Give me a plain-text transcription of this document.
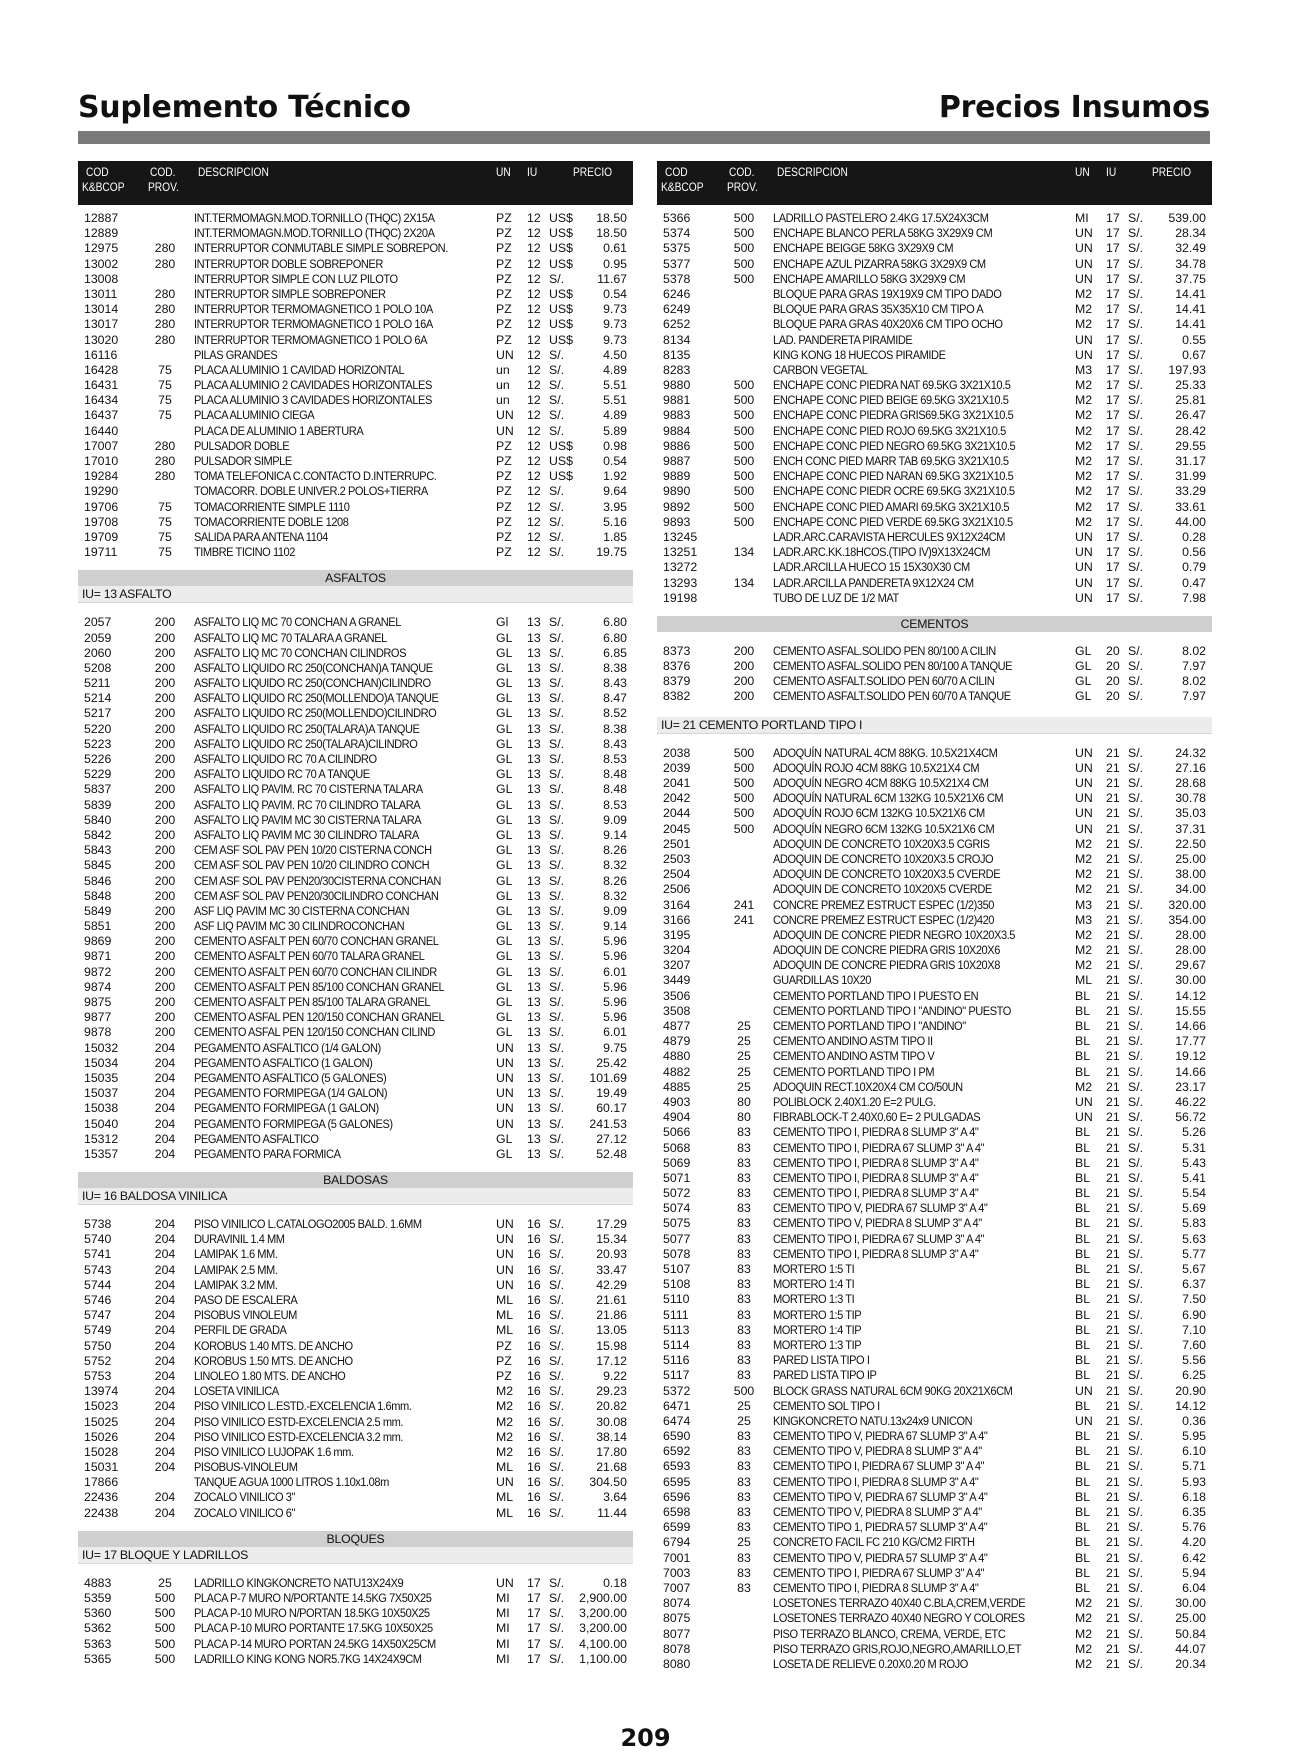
Suplemento Técnico	Precios Insumos
COD
K&BCOP
COD.
PROV.
DESCRIPCION	UN IU	PRECIO
12887	INT.TERMOMAGN.MOD.TORNILLO (THQC) 2X15A	PZ 12 US$ 18.50
12889	INT.TERMOMAGN.MOD.TORNILLO (THQC) 2X20A	PZ 12 US$ 18.50
12975	280	INTERRUPTOR CONMUTABLE SIMPLE SOBREPON.	PZ 12 US$ 0.61
13002	280	INTERRUPTOR DOBLE SOBREPONER	PZ 12 US$ 0.95
13008	INTERRUPTOR SIMPLE CON LUZ PILOTO	PZ 12 S/.	11.67
13011	280	INTERRUPTOR SIMPLE SOBREPONER	PZ 12 US$ 0.54
13014	280	INTERRUPTOR TERMOMAGNETICO 1 POLO 10A	PZ 12 US$ 9.73
13017	280	INTERRUPTOR TERMOMAGNETICO 1 POLO 16A	PZ 12 US$ 9.73
13020	280	INTERRUPTOR TERMOMAGNETICO 1 POLO 6A	PZ 12 US$ 9.73
16116	PILAS GRANDES	UN 12 S/.	4.50
16428	75	PLACA ALUMINIO 1 CAVIDAD HORIZONTAL	un 12 S/.	4.89
16431	75	PLACA ALUMINIO 2 CAVIDADES HORIZONTALES	un 12 S/.	5.51
16434	75	PLACA ALUMINIO 3 CAVIDADES HORIZONTALES	un 12 S/.	5.51
16437	75	PLACA ALUMINIO CIEGA	UN 12 S/.	4.89
16440	PLACA DE ALUMINIO 1 ABERTURA	UN 12 S/.	5.89
17007	280	PULSADOR DOBLE	PZ 12 US$ 0.98
17010	280	PULSADOR SIMPLE	PZ 12 US$ 0.54
19284	280	TOMA TELEFONICA C.CONTACTO D.INTERRUPC.	PZ 12 US$ 1.92
19290	TOMACORR. DOBLE UNIVER.2 POLOS+TIERRA	PZ 12 S/.	9.64
19706	75	TOMACORRIENTE SIMPLE 1110	PZ 12 S/.	3.95
19708	75	TOMACORRIENTE DOBLE 1208	PZ 12 S/.	5.16
19709	75	SALIDA PARA ANTENA 1104	PZ 12 S/.	1.85
19711	75	TIMBRE TICINO 1102	PZ 12 S/.	19.75
ASFALTOS
IU= 13 ASFALTO
2057	200	ASFALTO LIQ MC 70 CONCHAN A GRANEL	Gl 13 S/.	6.80
2059	200	ASFALTO LIQ MC 70 TALARA A GRANEL	GL 13 S/.	6.80
2060	200	ASFALTO LIQ MC 70 CONCHAN CILINDROS	GL 13 S/.	6.85
5208	200	ASFALTO LIQUIDO RC 250(CONCHAN)A TANQUE	GL 13 S/.	8.38
5211	200	ASFALTO LIQUIDO RC 250(CONCHAN)CILINDRO	GL 13 S/.	8.43
5214	200	ASFALTO LIQUIDO RC 250(MOLLENDO)A TANQUE	GL 13 S/.	8.47
5217	200	ASFALTO LIQUIDO RC 250(MOLLENDO)CILINDRO	GL 13 S/.	8.52
5220	200	ASFALTO LIQUIDO RC 250(TALARA)A TANQUE	GL 13 S/.	8.38
5223	200	ASFALTO LIQUIDO RC 250(TALARA)CILINDRO	GL 13 S/.	8.43
5226	200	ASFALTO LIQUIDO RC 70 A CILINDRO	GL 13 S/.	8.53
5229	200	ASFALTO LIQUIDO RC 70 A TANQUE	GL 13 S/.	8.48
5837	200	ASFALTO LIQ PAVIM. RC 70 CISTERNA TALARA	GL 13 S/.	8.48
5839	200	ASFALTO LIQ PAVIM. RC 70 CILINDRO TALARA	GL 13 S/.	8.53
5840	200	ASFALTO LIQ PAVIM MC 30 CISTERNA TALARA	GL 13 S/.	9.09
5842	200	ASFALTO LIQ PAVIM MC 30 CILINDRO TALARA	GL 13 S/.	9.14
5843	200	CEM ASF SOL PAV PEN 10/20 CISTERNA CONCH	GL 13 S/.	8.26
5845	200	CEM ASF SOL PAV PEN 10/20 CILINDRO CONCH	GL 13 S/.	8.32
5846	200	CEM ASF SOL PAV PEN20/30CISTERNA CONCHAN	GL 13 S/.	8.26
5848	200	CEM ASF SOL PAV PEN20/30CILINDRO CONCHAN	GL 13 S/.	8.32
5849	200	ASF LIQ PAVIM MC 30 CISTERNA CONCHAN	GL 13 S/.	9.09
5851	200	ASF LIQ PAVIM MC 30 CILINDROCONCHAN	GL 13 S/.	9.14
9869	200	CEMENTO ASFALT PEN 60/70 CONCHAN GRANEL	GL 13 S/.	5.96
9871	200	CEMENTO ASFALT PEN 60/70 TALARA GRANEL	GL 13 S/.	5.96
9872	200	CEMENTO ASFALT PEN 60/70 CONCHAN CILINDR	GL 13 S/.	6.01
9874	200	CEMENTO ASFALT PEN 85/100 CONCHAN GRANEL	GL 13 S/.	5.96
9875	200	CEMENTO ASFALT PEN 85/100 TALARA GRANEL	GL 13 S/.	5.96
9877	200	CEMENTO ASFAL PEN 120/150 CONCHAN GRANEL	GL 13 S/.	5.96
9878	200	CEMENTO ASFAL PEN 120/150 CONCHAN CILIND	GL 13 S/.	6.01
15032	204	PEGAMENTO ASFALTICO (1/4 GALON)	UN 13 S/.	9.75
15034	204	PEGAMENTO ASFALTICO (1 GALON)	UN 13 S/.	25.42
15035	204	PEGAMENTO ASFALTICO (5 GALONES)	UN 13 S/. 101.69
15037	204	PEGAMENTO FORMIPEGA (1/4 GALON)	UN 13 S/.	19.49
15038	204	PEGAMENTO FORMIPEGA (1 GALON)	UN 13 S/.	60.17
15040	204	PEGAMENTO FORMIPEGA (5 GALONES)	UN 13 S/. 241.53
15312	204	PEGAMENTO ASFALTICO	GL 13 S/.	27.12
15357	204	PEGAMENTO PARA FORMICA	GL 13 S/.	52.48
BALDOSAS
IU= 16 BALDOSA VINILICA
5738	204	PISO VINILICO L.CATALOGO2005 BALD. 1.6MM	UN 16 S/.	17.29
5740	204	DURAVINIL 1.4 MM	UN 16 S/.	15.34
5741	204	LAMIPAK 1.6 MM.	UN 16 S/.	20.93
5743	204	LAMIPAK 2.5 MM.	UN 16 S/.	33.47
5744	204	LAMIPAK 3.2 MM.	UN 16 S/.	42.29
5746	204	PASO DE ESCALERA	ML 16 S/.	21.61
5747	204	PISOBUS VINOLEUM	ML 16 S/.	21.86
5749	204	PERFIL DE GRADA	ML 16 S/.	13.05
5750	204	KOROBUS 1.40 MTS. DE ANCHO	PZ 16 S/.	15.98
5752	204	KOROBUS 1.50 MTS. DE ANCHO	PZ 16 S/.	17.12
5753	204	LINOLEO 1.80 MTS. DE ANCHO	PZ 16 S/.	9.22
13974	204	LOSETA VINILICA	M2 16 S/.	29.23
15023	204	PISO VINILICO L.ESTD.-EXCELENCIA 1.6mm.	M2 16 S/.	20.82
15025	204	PISO VINILICO ESTD-EXCELENCIA 2.5 mm.	M2 16 S/.	30.08
15026	204	PISO VINILICO ESTD-EXCELENCIA 3.2 mm.	M2 16 S/.	38.14
15028	204	PISO VINILICO LUJOPAK 1.6 mm.	M2 16 S/.	17.80
15031	204	PISOBUS-VINOLEUM	ML 16 S/.	21.68
17866	TANQUE AGUA 1000 LITROS 1.10x1.08m	UN 16 S/. 304.50
22436	204	ZOCALO VINILICO 3"	ML 16 S/.	3.64
22438	204	ZOCALO VINILICO 6"	ML 16 S/.	11.44
BLOQUES
IU= 17 BLOQUE Y LADRILLOS
4883	25	LADRILLO KINGKONCRETO NATU13X24X9	UN 17 S/.	0.18
5359	500	PLACA P-7 MURO N/PORTANTE 14.5KG 7X50X25	MI 17 S/. 2,900.00
5360	500	PLACA P-10 MURO N/PORTAN 18.5KG 10X50X25	MI 17 S/. 3,200.00
5362	500	PLACA P-10 MURO PORTANTE 17.5KG 10X50X25	MI 17 S/. 3,200.00
5363	500	PLACA P-14 MURO PORTAN 24.5KG 14X50X25CM	MI 17 S/. 4,100.00
5365	500	LADRILLO KING KONG NOR5.7KG 14X24X9CM	MI 17 S/. 1,100.00
COD
K&BCOP
COD.
PROV.
DESCRIPCION	UN IU	PRECIO
5366	500	LADRILLO PASTELERO 2.4KG 17.5X24X3CM	MI 17 S/. 539.00
5374	500	ENCHAPE BLANCO PERLA 58KG 3X29X9 CM	UN 17 S/.	28.34
5375	500	ENCHAPE BEIGGE 58KG 3X29X9 CM	UN 17 S/.	32.49
5377	500	ENCHAPE AZUL PIZARRA 58KG 3X29X9 CM	UN 17 S/.	34.78
5378	500	ENCHAPE AMARILLO 58KG 3X29X9 CM	UN 17 S/.	37.75
6246	BLOQUE PARA GRAS 19X19X9 CM TIPO DADO	M2 17 S/.	14.41
6249	BLOQUE PARA GRAS 35X35X10 CM TIPO A	M2 17 S/.	14.41
6252	BLOQUE PARA GRAS 40X20X6 CM TIPO OCHO	M2 17 S/.	14.41
8134	LAD. PANDERETA PIRAMIDE	UN 17 S/.	0.55
8135	KING KONG 18 HUECOS PIRAMIDE	UN 17 S/.	0.67
8283	CARBON VEGETAL	M3 17 S/. 197.93
9880	500	ENCHAPE CONC PIEDRA NAT 69.5KG 3X21X10.5	M2 17 S/.	25.33
9881	500	ENCHAPE CONC PIED BEIGE 69.5KG 3X21X10.5	M2 17 S/.	25.81
9883	500	ENCHAPE CONC PIEDRA GRIS69.5KG 3X21X10.5	M2 17 S/.	26.47
9884	500	ENCHAPE CONC PIED ROJO 69.5KG 3X21X10.5	M2 17 S/.	28.42
9886	500	ENCHAPE CONC PIED NEGRO 69.5KG 3X21X10.5	M2 17 S/.	29.55
9887	500	ENCH CONC PIED MARR TAB 69.5KG 3X21X10.5	M2 17 S/.	31.17
9889	500	ENCHAPE CONC PIED NARAN 69.5KG 3X21X10.5	M2 17 S/.	31.99
9890	500	ENCHAPE CONC PIEDR OCRE 69.5KG 3X21X10.5	M2 17 S/.	33.29
9892	500	ENCHAPE CONC PIED AMARI 69.5KG 3X21X10.5	M2 17 S/.	33.61
9893	500	ENCHAPE CONC PIED VERDE 69.5KG 3X21X10.5	M2 17 S/.	44.00
13245	LADR.ARC.CARAVISTA HERCULES 9X12X24CM	UN 17 S/.	0.28
13251	134	LADR.ARC.KK.18HCOS.(TIPO IV)9X13X24CM	UN 17 S/.	0.56
13272	LADR.ARCILLA HUECO 15 15X30X30 CM	UN 17 S/.	0.79
13293	134	LADR.ARCILLA PANDERETA 9X12X24 CM	UN 17 S/.	0.47
19198	TUBO DE LUZ DE 1/2 MAT	UN 17 S/.	7.98
CEMENTOS
8373	200	CEMENTO ASFAL.SOLIDO PEN 80/100 A CILIN	GL 20 S/.	8.02
8376	200	CEMENTO ASFAL.SOLIDO PEN 80/100 A TANQUE	GL 20 S/.	7.97
8379	200	CEMENTO ASFALT.SOLIDO PEN 60/70 A CILIN	GL 20 S/.	8.02
8382	200	CEMENTO ASFALT.SOLIDO PEN 60/70 A TANQUE	GL 20 S/.	7.97
IU= 21 CEMENTO PORTLAND TIPO I
2038	500	ADOQUÍN NATURAL 4CM 88KG. 10.5X21X4CM	UN 21 S/.	24.32
2039	500	ADOQUÍN ROJO 4CM 88KG 10.5X21X4 CM	UN 21 S/.	27.16
2041	500	ADOQUÍN NEGRO 4CM 88KG 10.5X21X4 CM	UN 21 S/.	28.68
2042	500	ADOQUÍN NATURAL 6CM 132KG 10.5X21X6 CM	UN 21 S/.	30.78
2044	500	ADOQUÍN ROJO 6CM 132KG 10.5X21X6 CM	UN 21 S/.	35.03
2045	500	ADOQUÍN NEGRO 6CM 132KG 10.5X21X6 CM	UN 21 S/.	37.31
2501	ADOQUIN DE CONCRETO 10X20X3.5 CGRIS	M2 21 S/.	22.50
2503	ADOQUIN DE CONCRETO 10X20X3.5 CROJO	M2 21 S/.	25.00
2504	ADOQUIN DE CONCRETO 10X20X3.5 CVERDE	M2 21 S/.	38.00
2506	ADOQUIN DE CONCRETO 10X20X5 CVERDE	M2 21 S/.	34.00
3164	241	CONCRE PREMEZ ESTRUCT ESPEC (1/2)350	M3 21 S/. 320.00
3166	241	CONCRE PREMEZ ESTRUCT ESPEC (1/2)420	M3 21 S/. 354.00
3195	ADOQUIN DE CONCRE PIEDR NEGRO 10X20X3.5	M2 21 S/.	28.00
3204	ADOQUIN DE CONCRE PIEDRA GRIS 10X20X6	M2 21 S/.	28.00
3207	ADOQUIN DE CONCRE PIEDRA GRIS 10X20X8	M2 21 S/.	29.67
3449	GUARDILLAS 10X20	ML 21 S/.	30.00
3506	CEMENTO PORTLAND TIPO I PUESTO EN	BL 21 S/.	14.12
3508	CEMENTO PORTLAND TIPO I "ANDINO" PUESTO	BL 21 S/.	15.55
4877	25	CEMENTO PORTLAND TIPO I "ANDINO"	BL 21 S/.	14.66
4879	25	CEMENTO ANDINO ASTM TIPO II	BL 21 S/.	17.77
4880	25	CEMENTO ANDINO ASTM TIPO V	BL 21 S/.	19.12
4882	25	CEMENTO PORTLAND TIPO I PM	BL 21 S/.	14.66
4885	25	ADOQUIN RECT.10X20X4 CM CO/50UN	M2 21 S/.	23.17
4903	80	POLIBLOCK 2.40X1.20 E=2 PULG.	UN 21 S/.	46.22
4904	80	FIBRABLOCK-T 2.40X0.60 E= 2 PULGADAS	UN 21 S/.	56.72
5066	83	CEMENTO TIPO I, PIEDRA 8 SLUMP 3" A 4"	BL 21 S/.	5.26
5068	83	CEMENTO TIPO I, PIEDRA 67 SLUMP 3" A 4"	BL 21 S/.	5.31
5069	83	CEMENTO TIPO I, PIEDRA 8 SLUMP 3" A 4"	BL 21 S/.	5.43
5071	83	CEMENTO TIPO I, PIEDRA 8 SLUMP 3" A 4"	BL 21 S/.	5.41
5072	83	CEMENTO TIPO I, PIEDRA 8 SLUMP 3" A 4"	BL 21 S/.	5.54
5074	83	CEMENTO TIPO V, PIEDRA 67 SLUMP 3" A 4"	BL 21 S/.	5.69
5075	83	CEMENTO TIPO V, PIEDRA 8 SLUMP 3" A 4"	BL 21 S/.	5.83
5077	83	CEMENTO TIPO I, PIEDRA 67 SLUMP 3" A 4"	BL 21 S/.	5.63
5078	83	CEMENTO TIPO I, PIEDRA 8 SLUMP 3" A 4"	BL 21 S/.	5.77
5107	83	MORTERO 1:5 TI	BL 21 S/.	5.67
5108	83	MORTERO 1:4 TI	BL 21 S/.	6.37
5110	83	MORTERO 1:3 TI	BL 21 S/.	7.50
5111	83	MORTERO 1:5 TIP	BL 21 S/.	6.90
5113	83	MORTERO 1:4 TIP	BL 21 S/.	7.10
5114	83	MORTERO 1:3 TIP	BL 21 S/.	7.60
5116	83	PARED LISTA TIPO I	BL 21 S/.	5.56
5117	83	PARED LISTA TIPO IP	BL 21 S/.	6.25
5372	500	BLOCK GRASS NATURAL 6CM 90KG 20X21X6CM	UN 21 S/.	20.90
6471	25	CEMENTO SOL TIPO I	BL 21 S/.	14.12
6474	25	KINGKONCRETO NATU.13x24x9 UNICON	UN 21 S/.	0.36
6590	83	CEMENTO TIPO V, PIEDRA 67 SLUMP 3" A 4"	BL 21 S/.	5.95
6592	83	CEMENTO TIPO V, PIEDRA 8 SLUMP 3" A 4"	BL 21 S/.	6.10
6593	83	CEMENTO TIPO I, PIEDRA 67 SLUMP 3" A 4"	BL 21 S/.	5.71
6595	83	CEMENTO TIPO I, PIEDRA 8 SLUMP 3" A 4"	BL 21 S/.	5.93
6596	83	CEMENTO TIPO V, PIEDRA 67 SLUMP 3" A 4"	BL 21 S/.	6.18
6598	83	CEMENTO TIPO V, PIEDRA 8 SLUMP 3" A 4"	BL 21 S/.	6.35
6599	83	CEMENTO TIPO 1, PIEDRA 57 SLUMP 3" A 4"	BL 21 S/.	5.76
6794	25	CONCRETO FACIL FC 210 KG/CM2 FIRTH	BL 21 S/.	4.20
7001	83	CEMENTO TIPO V, PIEDRA 57 SLUMP 3" A 4"	BL 21 S/.	6.42
7003	83	CEMENTO TIPO I, PIEDRA 67 SLUMP 3" A 4"	BL 21 S/.	5.94
7007	83	CEMENTO TIPO I, PIEDRA 8 SLUMP 3" A 4"	BL 21 S/.	6.04
8074	LOSETONES TERRAZO 40X40 C.BLA,CREM,VERDE	M2 21 S/.	30.00
8075	LOSETONES TERRAZO 40X40 NEGRO Y COLORES	M2 21 S/.	25.00
8077	PISO TERRAZO BLANCO, CREMA, VERDE, ETC	M2 21 S/.	50.84
8078	PISO TERRAZO GRIS,ROJO,NEGRO,AMARILLO,ET	M2 21 S/.	44.07
8080	LOSETA DE RELIEVE 0.20X0.20 M ROJO	M2 21 S/.	20.34
209
